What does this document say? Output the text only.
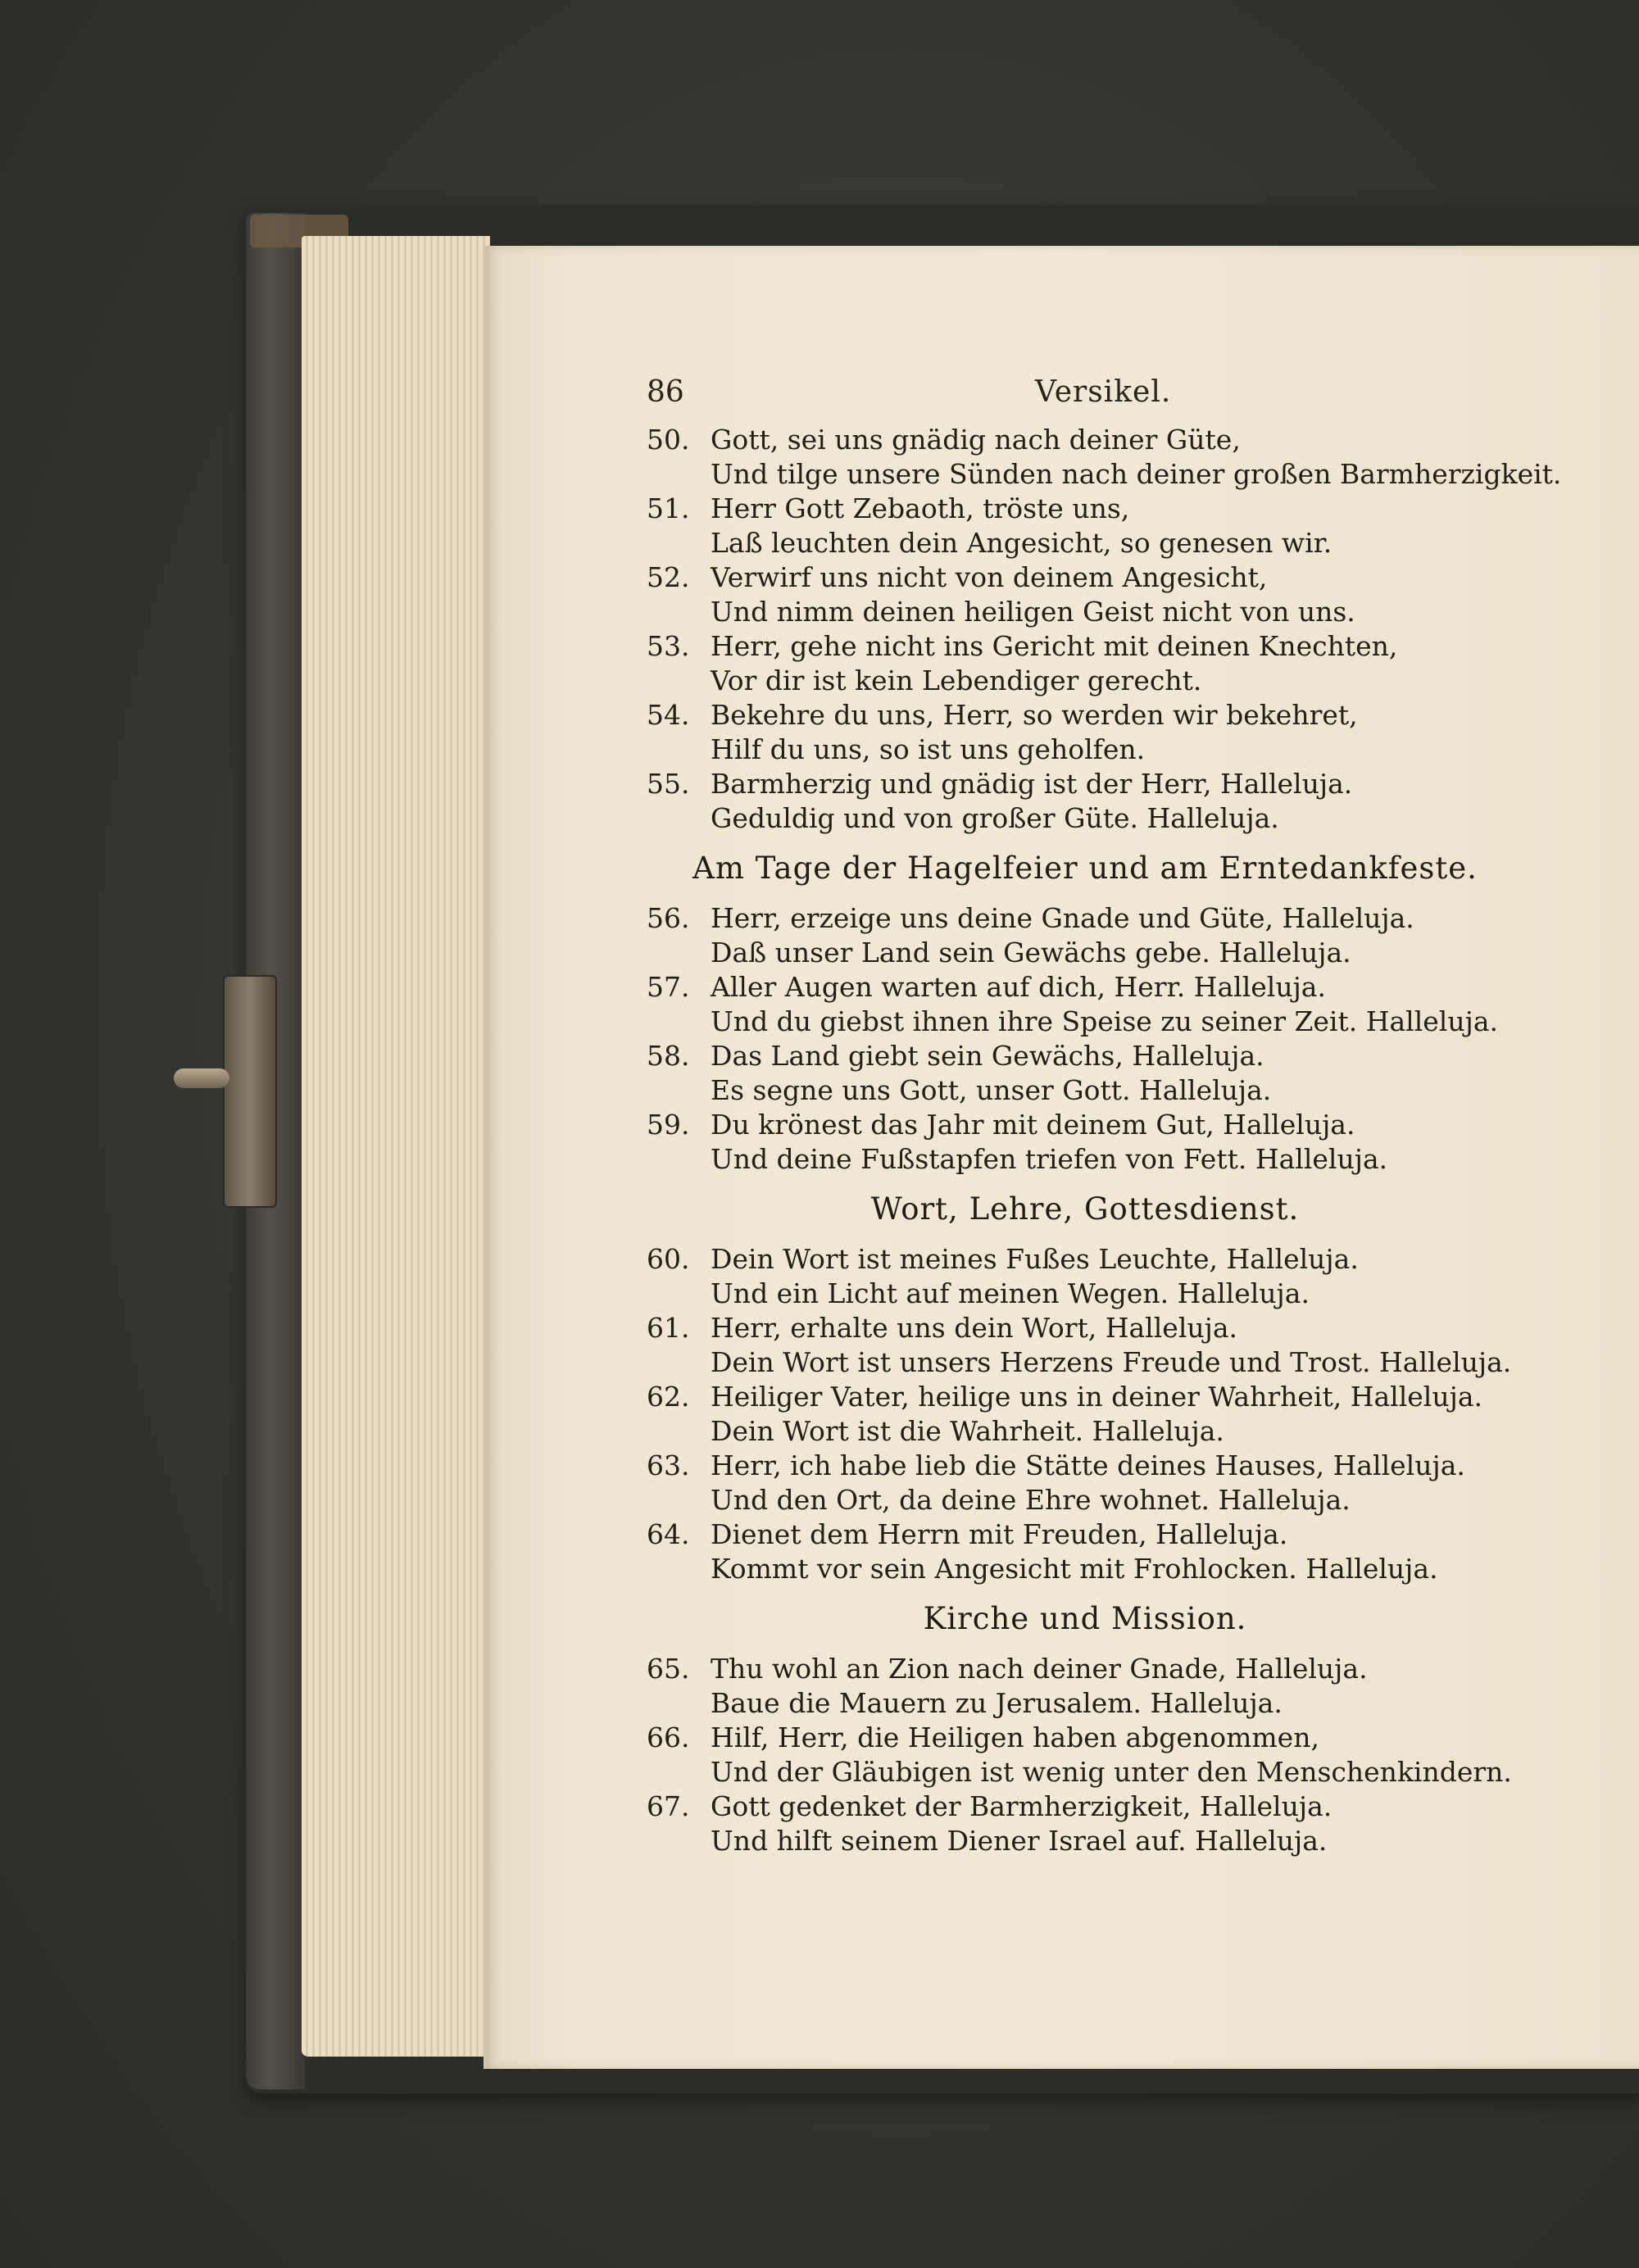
86	Versikel.
50. Gott, sei uns gnädig nach deiner Güte,
Und tilge unsere Sünden nach deiner großen Barmherzigkeit.
51. Herr Gott Zebaoth, tröste uns,
Laß leuchten dein Angesicht, so genesen wir.
52. Verwirf uns nicht von deinem Angesicht,
Und nimm deinen heiligen Geist nicht von uns.
53. Herr, gehe nicht ins Gericht mit deinen Knechten,
Vor dir ist kein Lebendiger gerecht.
54. Bekehre du uns, Herr, so werden wir bekehret,
Hilf du uns, so ist uns geholfen.
55. Barmherzig und gnädig ist der Herr, Halleluja.
Geduldig und von großer Güte. Halleluja.
Am Tage der Hagelfeier und am Erntedankfeste.
56. Herr, erzeige uns deine Gnade und Güte, Halleluja.
Daß unser Land sein Gewächs gebe. Halleluja.
57. Aller Augen warten auf dich, Herr. Halleluja.
Und du giebst ihnen ihre Speise zu seiner Zeit. Halleluja.
58. Das Land giebt sein Gewächs, Halleluja.
Es segne uns Gott, unser Gott. Halleluja.
59. Du krönest das Jahr mit deinem Gut, Halleluja.
Und deine Fußstapfen triefen von Fett. Halleluja.
Wort, Lehre, Gottesdienst.
60. Dein Wort ist meines Fußes Leuchte, Halleluja.
Und ein Licht auf meinen Wegen. Halleluja.
61. Herr, erhalte uns dein Wort, Halleluja.
Dein Wort ist unsers Herzens Freude und Trost. Halleluja.
62. Heiliger Vater, heilige uns in deiner Wahrheit, Halleluja.
Dein Wort ist die Wahrheit. Halleluja.
63. Herr, ich habe lieb die Stätte deines Hauses, Halleluja.
Und den Ort, da deine Ehre wohnet. Halleluja.
64. Dienet dem Herrn mit Freuden, Halleluja.
Kommt vor sein Angesicht mit Frohlocken. Halleluja.
Kirche und Mission.
65. Thu wohl an Zion nach deiner Gnade, Halleluja.
Baue die Mauern zu Jerusalem. Halleluja.
66. Hilf, Herr, die Heiligen haben abgenommen,
Und der Gläubigen ist wenig unter den Menschenkindern.
67. Gott gedenket der Barmherzigkeit, Halleluja.
Und hilft seinem Diener Israel auf. Halleluja.
